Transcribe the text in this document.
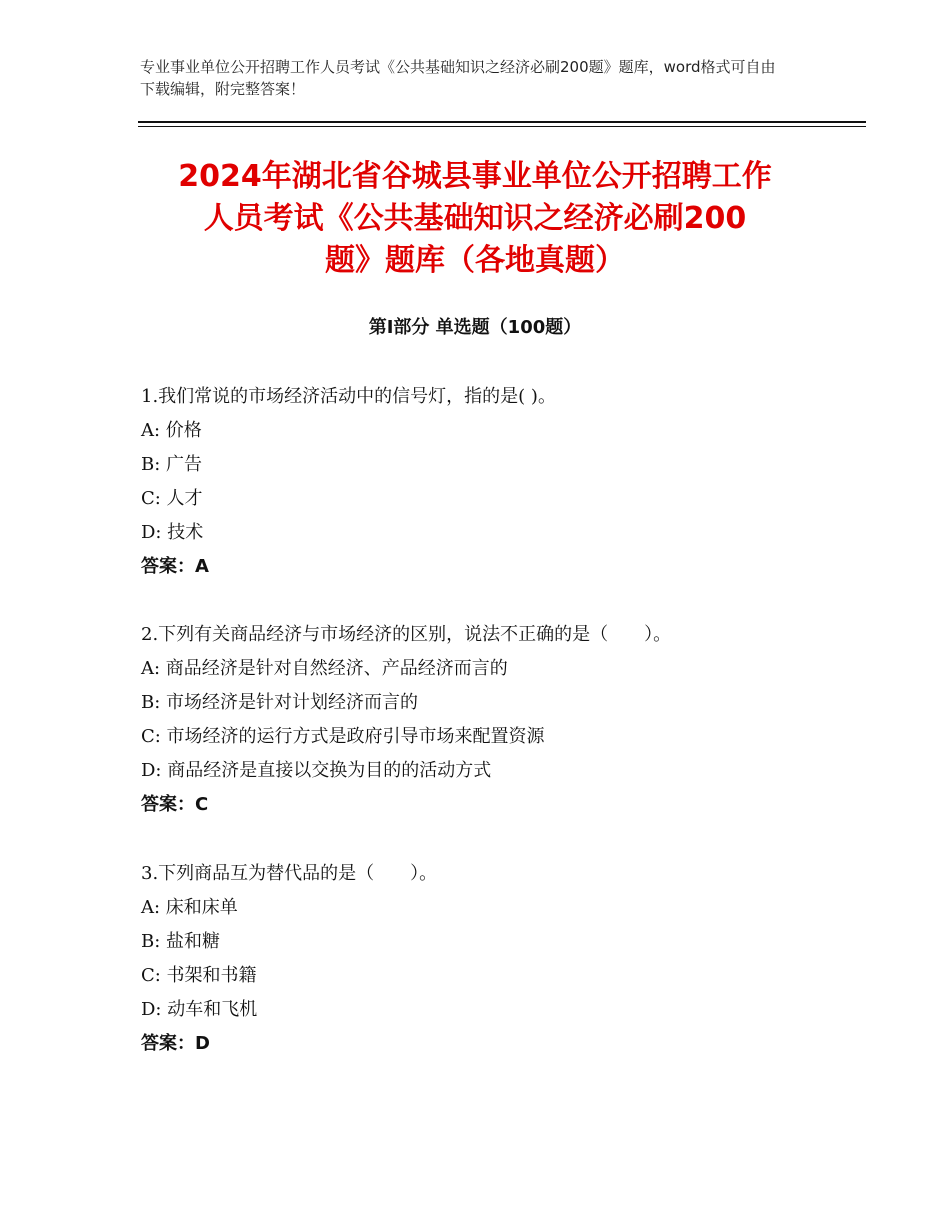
专业事业单位公开招聘工作人员考试《公共基础知识之经济必刷200题》题库，word格式可自由下载编辑，附完整答案！
2024年湖北省谷城县事业单位公开招聘工作
人员考试《公共基础知识之经济必刷200
题》题库（各地真题）
第Ⅰ部分 单选题（100题）
1.我们常说的市场经济活动中的信号灯，指的是( )。
A: 价格
B: 广告
C: 人才
D: 技术
答案：A
2.下列有关商品经济与市场经济的区别，说法不正确的是（　　）。
A: 商品经济是针对自然经济、产品经济而言的
B: 市场经济是针对计划经济而言的
C: 市场经济的运行方式是政府引导市场来配置资源
D: 商品经济是直接以交换为目的的活动方式
答案：C
3.下列商品互为替代品的是（　　）。
A: 床和床单
B: 盐和糖
C: 书架和书籍
D: 动车和飞机
答案：D
